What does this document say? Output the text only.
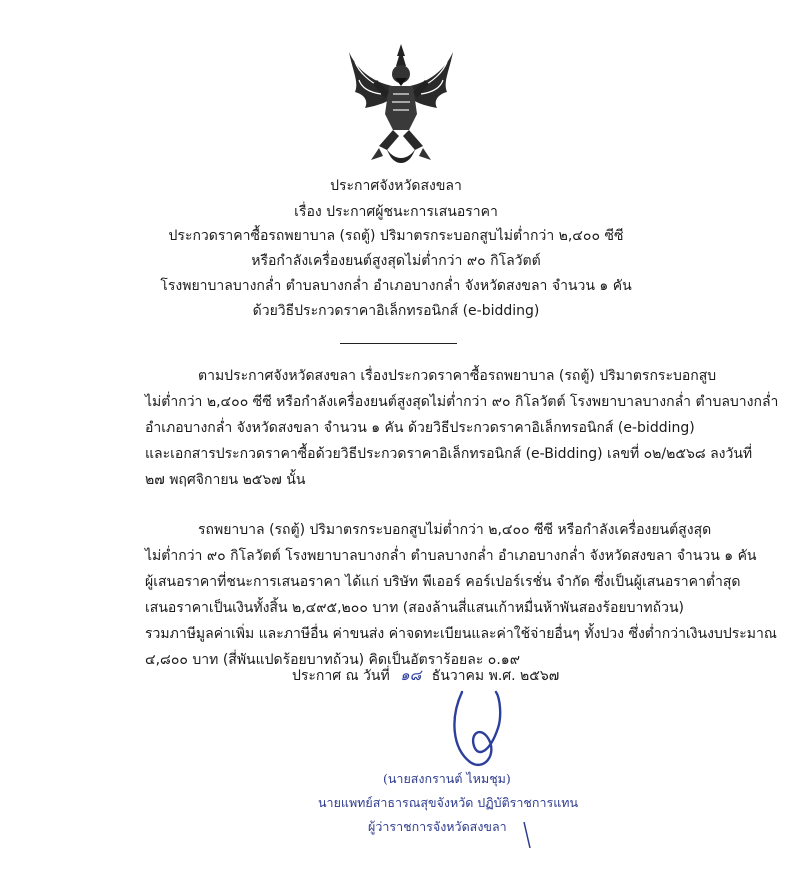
ประกาศจังหวัดสงขลา
เรื่อง ประกาศผู้ชนะการเสนอราคา
ประกวดราคาซื้อรถพยาบาล (รถตู้) ปริมาตรกระบอกสูบไม่ต่ำกว่า ๒,๔๐๐ ซีซี
หรือกำลังเครื่องยนต์สูงสุดไม่ต่ำกว่า ๙๐ กิโลวัตต์
โรงพยาบาลบางกล่ำ ตำบลบางกล่ำ อำเภอบางกล่ำ จังหวัดสงขลา จำนวน ๑ คัน
ด้วยวิธีประกวดราคาอิเล็กทรอนิกส์ (e-bidding)
ตามประกาศจังหวัดสงขลา เรื่องประกวดราคาซื้อรถพยาบาล (รถตู้) ปริมาตรกระบอกสูบ
ไม่ต่ำกว่า ๒,๔๐๐ ซีซี หรือกำลังเครื่องยนต์สูงสุดไม่ต่ำกว่า ๙๐ กิโลวัตต์ โรงพยาบาลบางกล่ำ ตำบลบางกล่ำ
อำเภอบางกล่ำ จังหวัดสงขลา จำนวน ๑ คัน ด้วยวิธีประกวดราคาอิเล็กทรอนิกส์ (e-bidding)
และเอกสารประกวดราคาซื้อด้วยวิธีประกวดราคาอิเล็กทรอนิกส์ (e-Bidding) เลขที่ ๐๒/๒๕๖๘ ลงวันที่
๒๗ พฤศจิกายน ๒๕๖๗ นั้น
รถพยาบาล (รถตู้) ปริมาตรกระบอกสูบไม่ต่ำกว่า ๒,๔๐๐ ซีซี หรือกำลังเครื่องยนต์สูงสุด
ไม่ต่ำกว่า ๙๐ กิโลวัตต์ โรงพยาบาลบางกล่ำ ตำบลบางกล่ำ อำเภอบางกล่ำ จังหวัดสงขลา จำนวน ๑ คัน
ผู้เสนอราคาที่ชนะการเสนอราคา ได้แก่ บริษัท พีเออร์ คอร์เปอร์เรชั่น จำกัด ซึ่งเป็นผู้เสนอราคาต่ำสุด
เสนอราคาเป็นเงินทั้งสิ้น ๒,๔๙๕,๒๐๐ บาท (สองล้านสี่แสนเก้าหมื่นห้าพันสองร้อยบาทถ้วน)
รวมภาษีมูลค่าเพิ่ม และภาษีอื่น ค่าขนส่ง ค่าจดทะเบียนและค่าใช้จ่ายอื่นๆ ทั้งปวง ซึ่งต่ำกว่าเงินงบประมาณ
๔,๘๐๐ บาท (สี่พันแปดร้อยบาทถ้วน) คิดเป็นอัตราร้อยละ ๐.๑๙
ประกาศ ณ วันที่ ๑๘ ธันวาคม พ.ศ. ๒๕๖๗
(นายสงกรานต์ ไหมชุม)
นายแพทย์สาธารณสุขจังหวัด ปฏิบัติราชการแทน
ผู้ว่าราชการจังหวัดสงขลา
